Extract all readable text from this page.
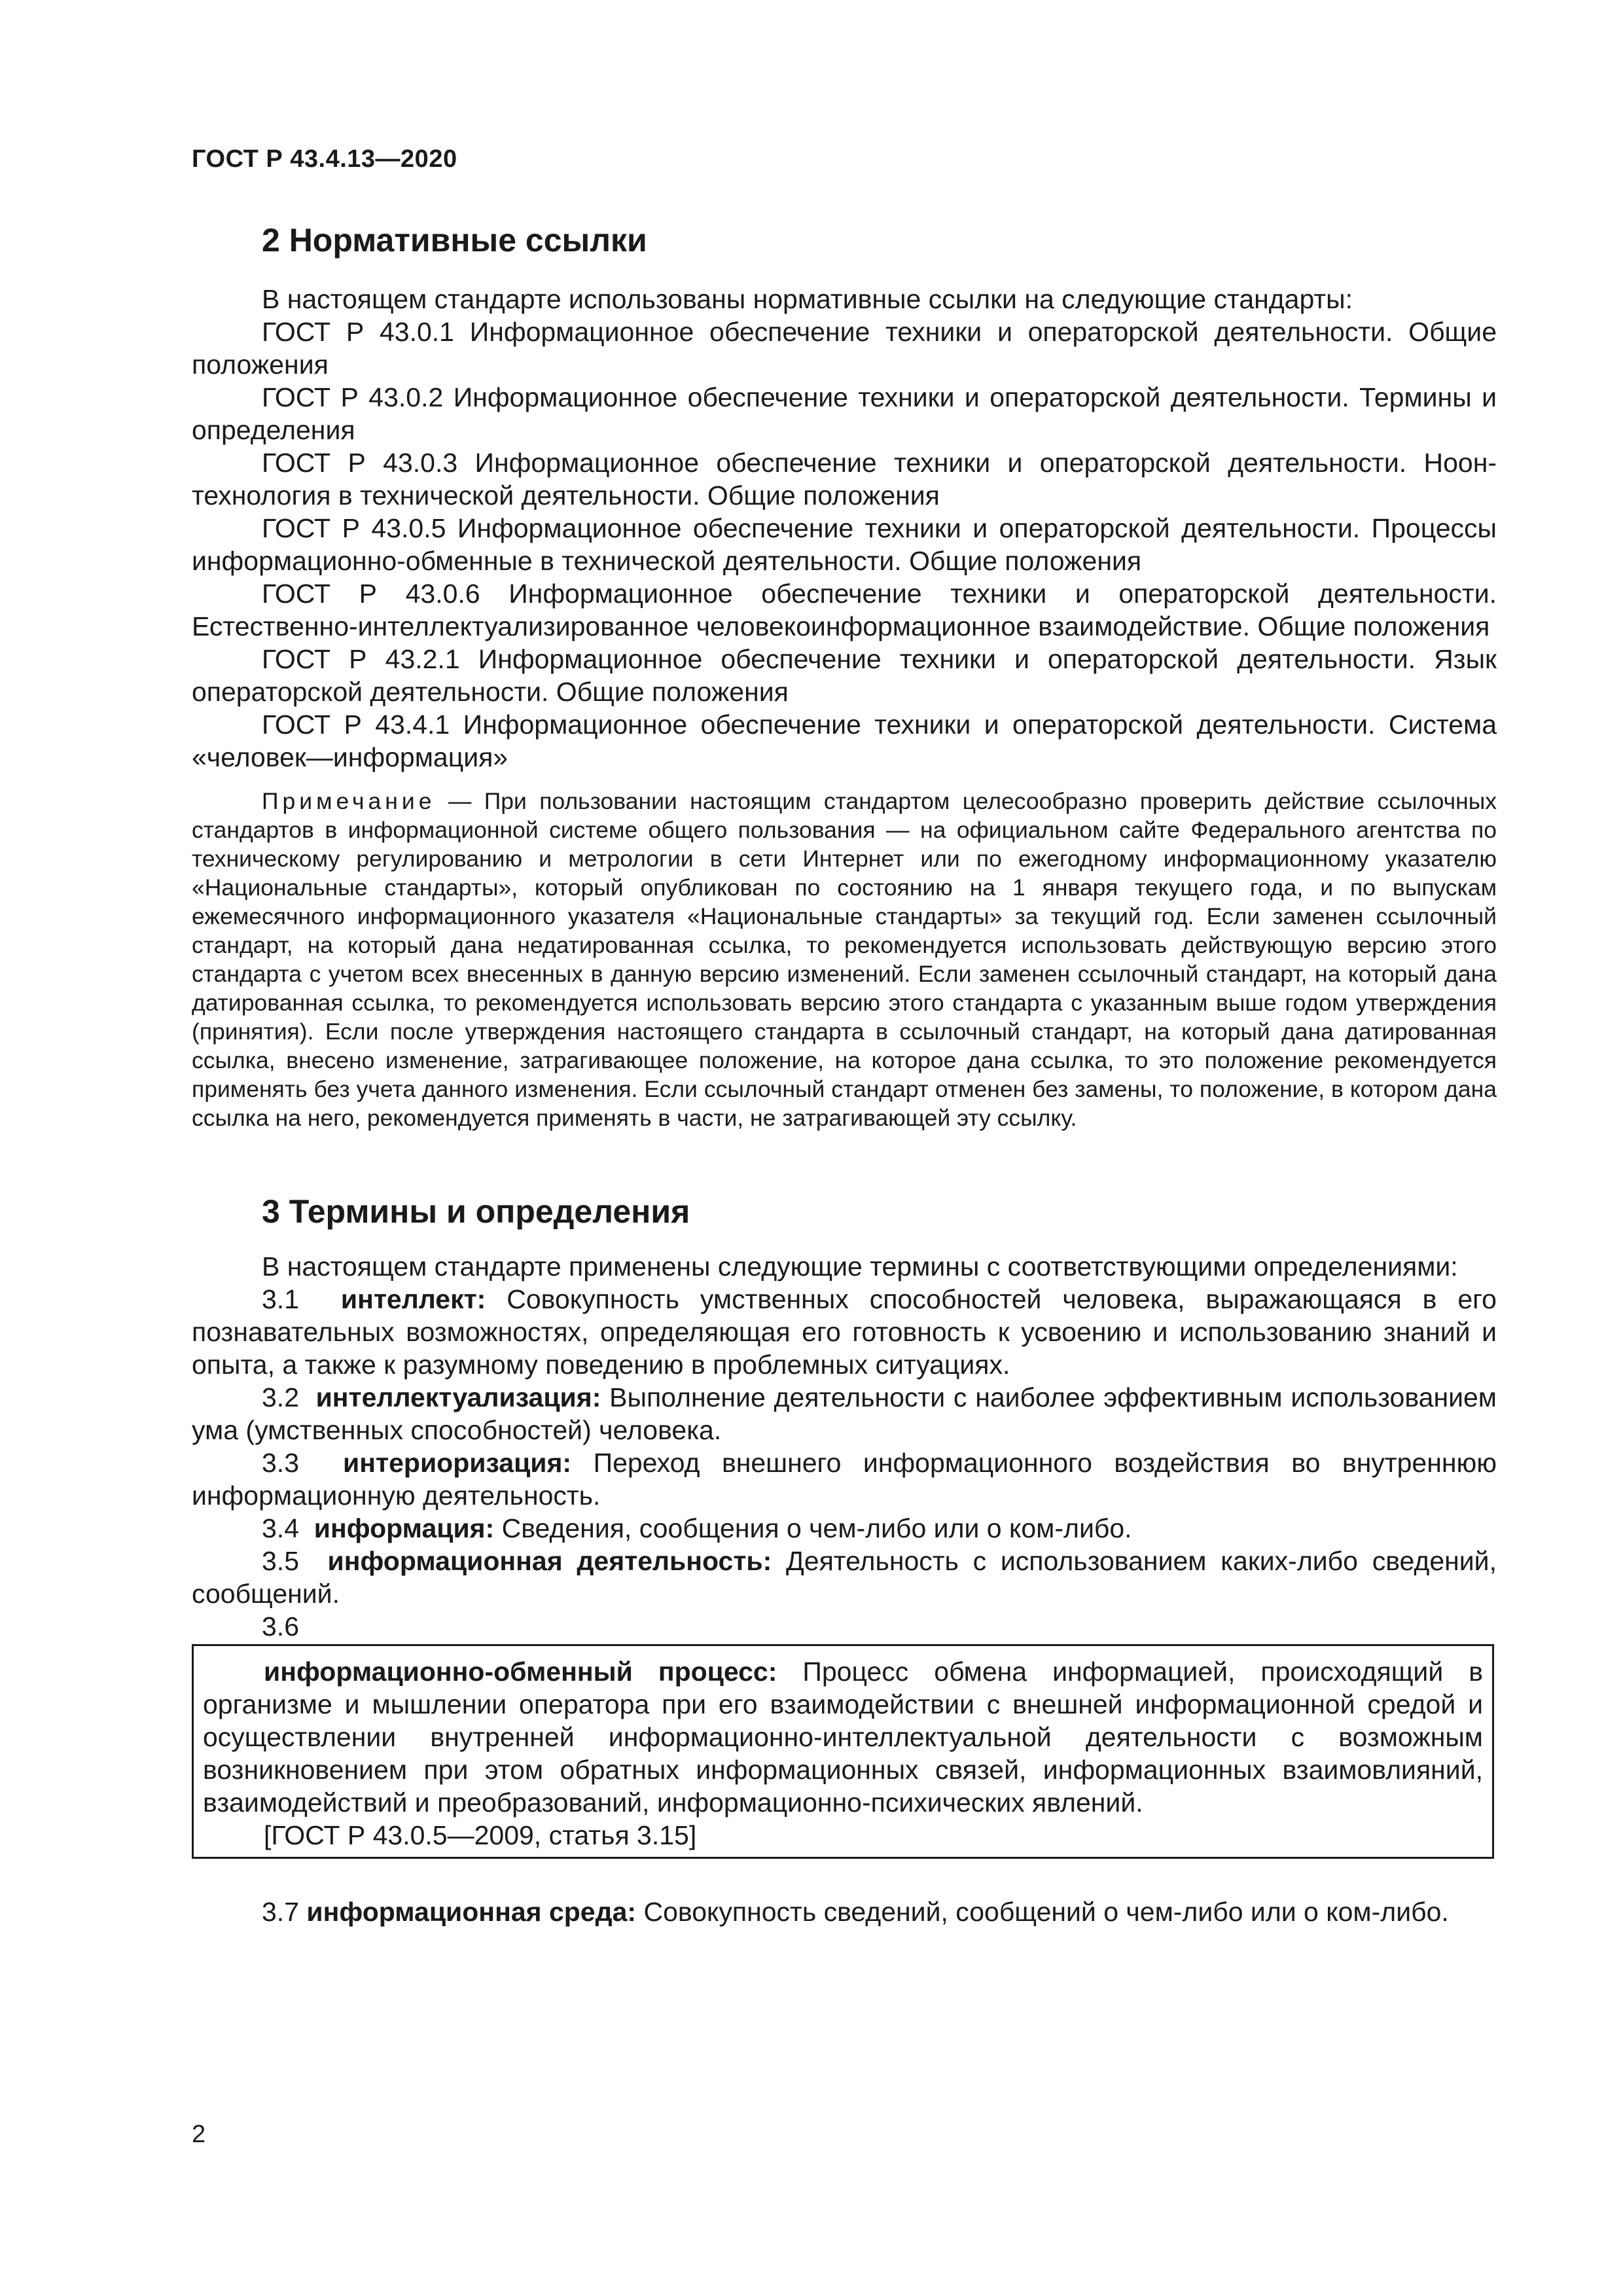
ГОСТ Р 43.4.13—2020
2 Нормативные ссылки

В настоящем стандарте использованы нормативные ссылки на следующие стандарты:

ГОСТ Р 43.0.1 Информационное обеспечение техники и операторской деятельности. Общие положения

ГОСТ Р 43.0.2 Информационное обеспечение техники и операторской деятельности. Термины и определения

ГОСТ Р 43.0.3 Информационное обеспечение техники и операторской деятельности. Ноон-технология в технической деятельности. Общие положения

ГОСТ Р 43.0.5 Информационное обеспечение техники и операторской деятельности. Процессы информационно-обменные в технической деятельности. Общие положения

ГОСТ Р 43.0.6 Информационное обеспечение техники и операторской деятельности. Естественно-интеллектуализированное человекоинформационное взаимодействие. Общие положения

ГОСТ Р 43.2.1 Информационное обеспечение техники и операторской деятельности. Язык операторской деятельности. Общие положения

ГОСТ Р 43.4.1 Информационное обеспечение техники и операторской деятельности. Система «человек—информация»

Примечание — При пользовании настоящим стандартом целесообразно проверить действие ссылочных стандартов в информационной системе общего пользования — на официальном сайте Федерального агентства по техническому регулированию и метрологии в сети Интернет или по ежегодному информационному указателю «Национальные стандарты», который опубликован по состоянию на 1 января текущего года, и по выпускам ежемесячного информационного указателя «Национальные стандарты» за текущий год. Если заменен ссылочный стандарт, на который дана недатированная ссылка, то рекомендуется использовать действующую версию этого стандарта с учетом всех внесенных в данную версию изменений. Если заменен ссылочный стандарт, на который дана датированная ссылка, то рекомендуется использовать версию этого стандарта с указанным выше годом утверждения (принятия). Если после утверждения настоящего стандарта в ссылочный стандарт, на который дана датированная ссылка, внесено изменение, затрагивающее положение, на которое дана ссылка, то это положение рекомендуется применять без учета данного изменения. Если ссылочный стандарт отменен без замены, то положение, в котором дана ссылка на него, рекомендуется применять в части, не затрагивающей эту ссылку.

3 Термины и определения

В настоящем стандарте применены следующие термины с соответствующими определениями:

3.1 интеллект: Совокупность умственных способностей человека, выражающаяся в его познавательных возможностях, определяющая его готовность к усвоению и использованию знаний и опыта, а также к разумному поведению в проблемных ситуациях.

3.2 интеллектуализация: Выполнение деятельности с наиболее эффективным использованием ума (умственных способностей) человека.

3.3 интериоризация: Переход внешнего информационного воздействия во внутреннюю информационную деятельность.

3.4 информация: Сведения, сообщения о чем-либо или о ком-либо.

3.5 информационная деятельность: Деятельность с использованием каких-либо сведений, сообщений.

3.6

информационно-обменный процесс: Процесс обмена информацией, происходящий в организме и мышлении оператора при его взаимодействии с внешней информационной средой и осуществлении внутренней информационно-интеллектуальной деятельности с возможным возникновением при этом обратных информационных связей, информационных взаимовлияний, взаимодействий и преобразований, информационно-психических явлений.

[ГОСТ Р 43.0.5—2009, статья 3.15]

3.7 информационная среда: Совокупность сведений, сообщений о чем-либо или о ком-либо.

2
